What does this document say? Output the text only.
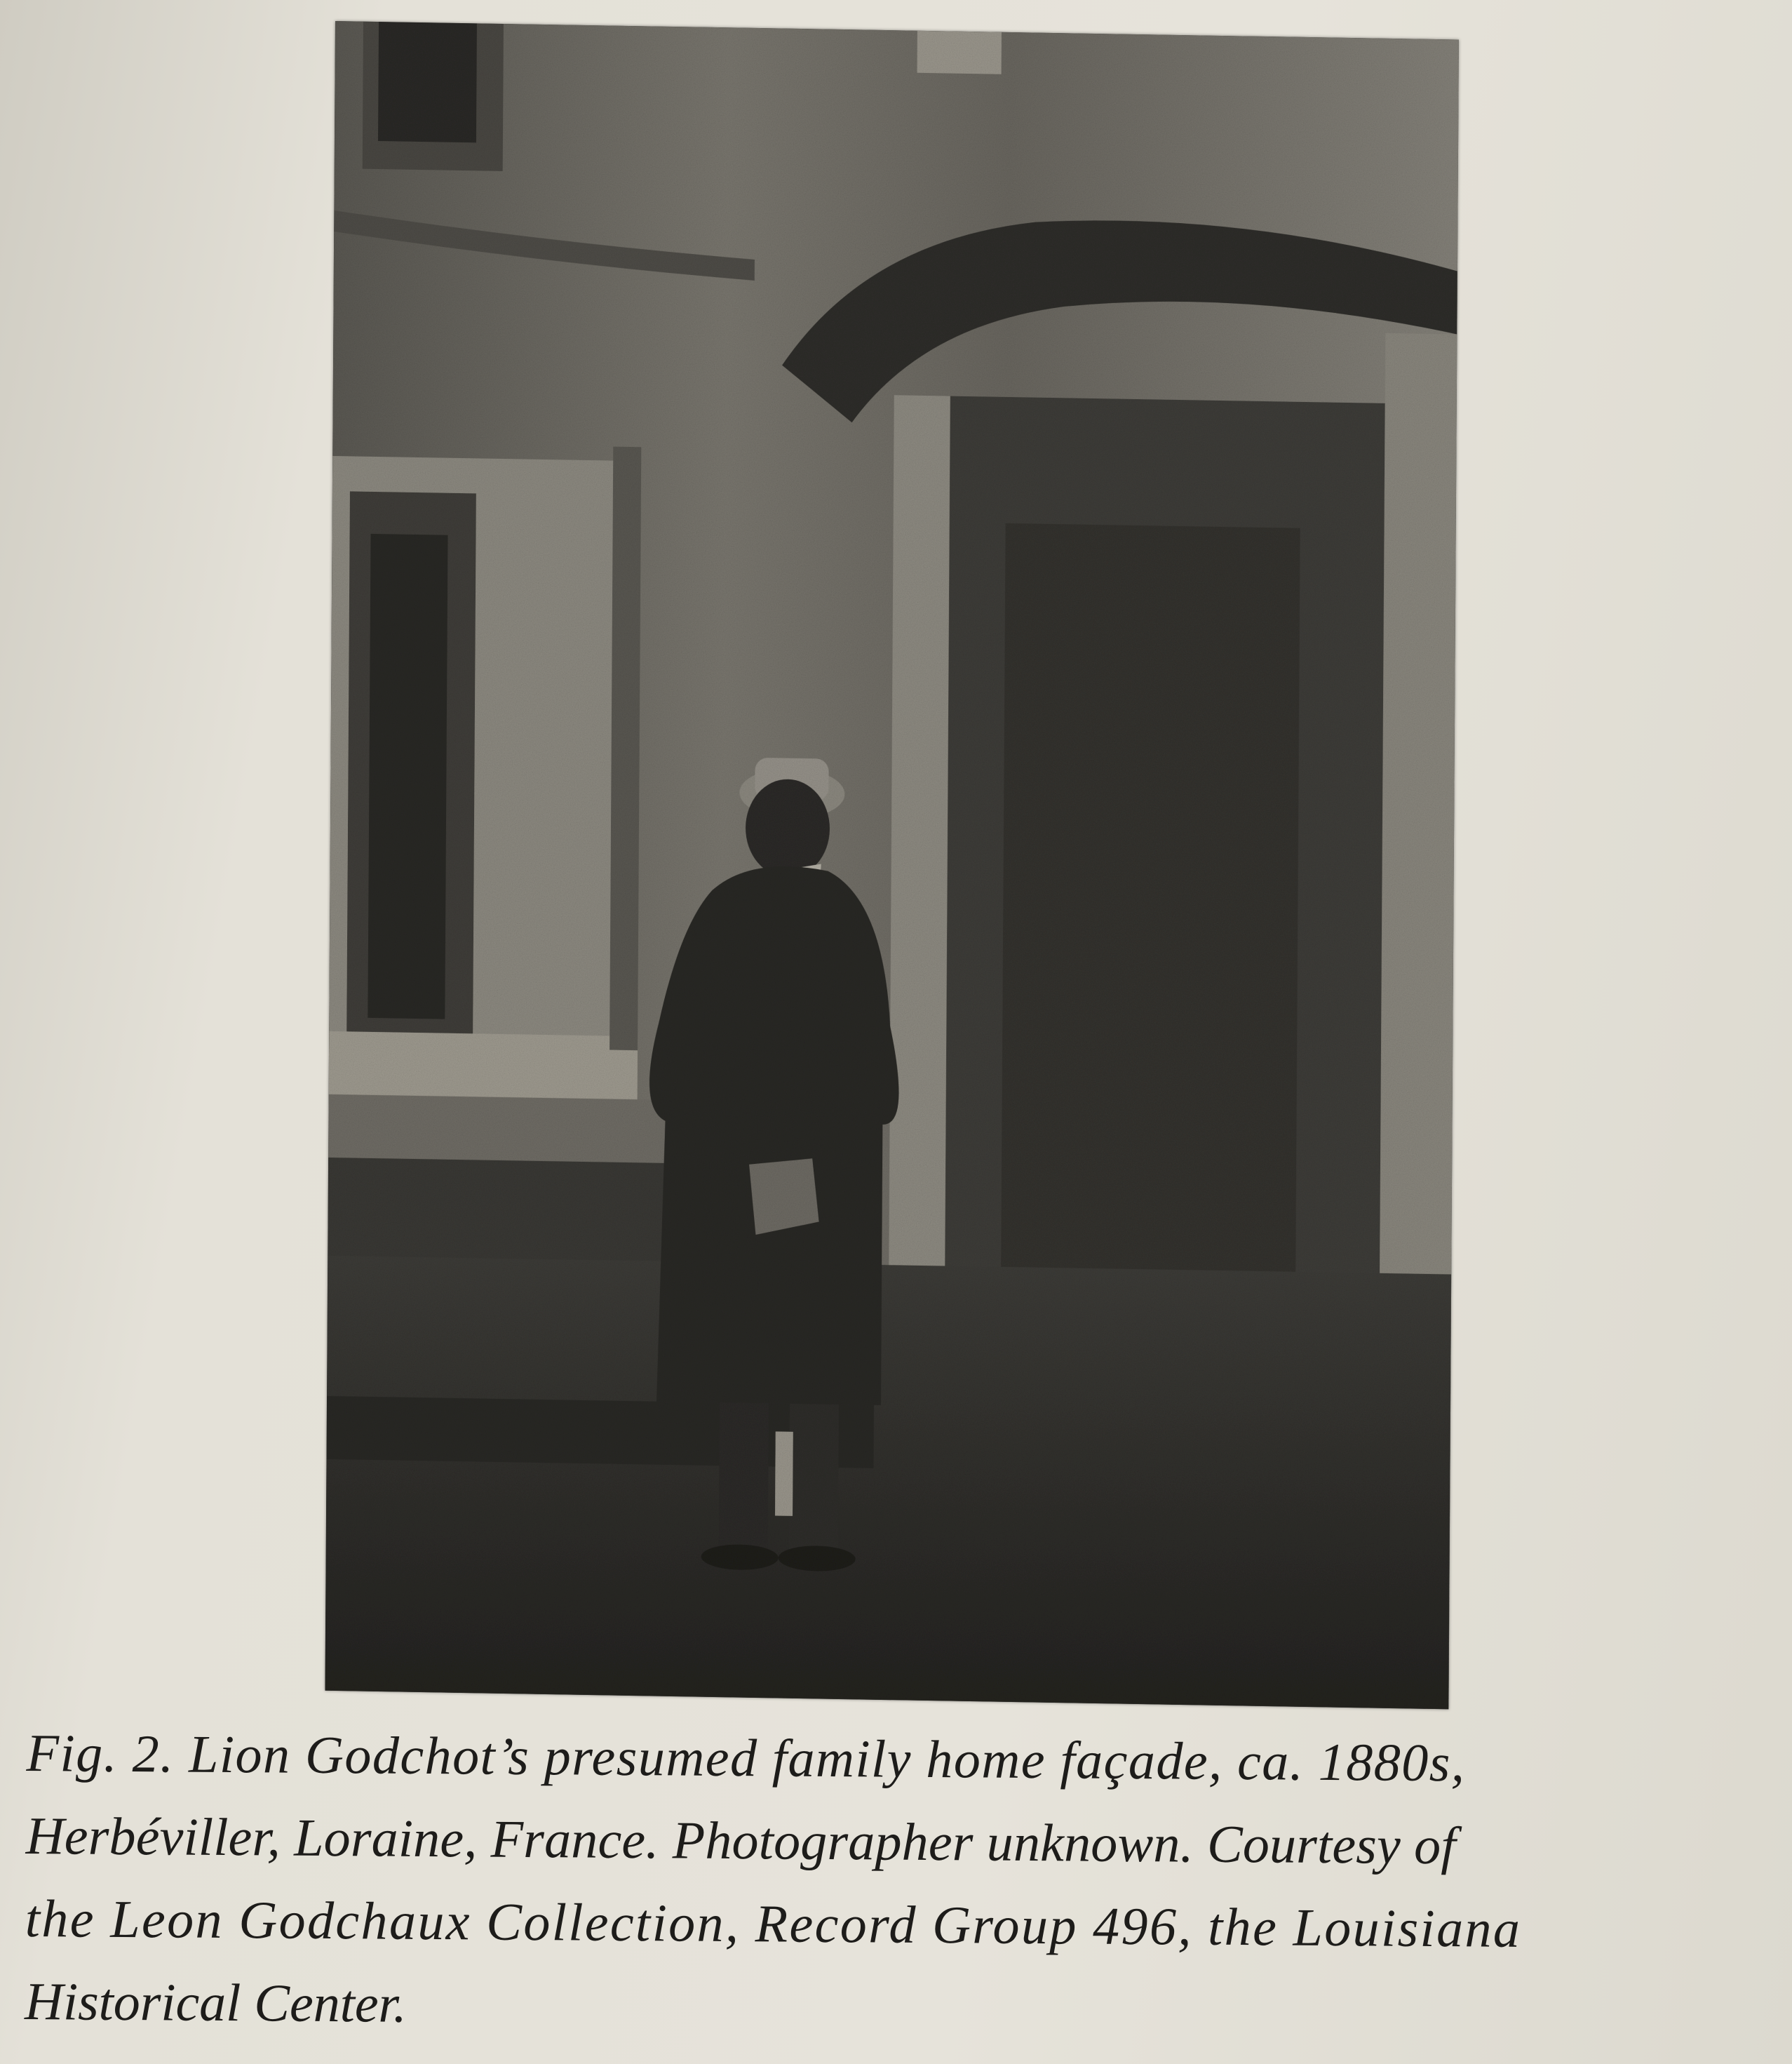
Fig. 2. Lion Godchot’s presumed family home façade, ca. 1880s,
Herbéviller, Loraine, France. Photographer unknown. Courtesy of
the Leon Godchaux Collection, Record Group 496, the Louisiana
Historical Center.
